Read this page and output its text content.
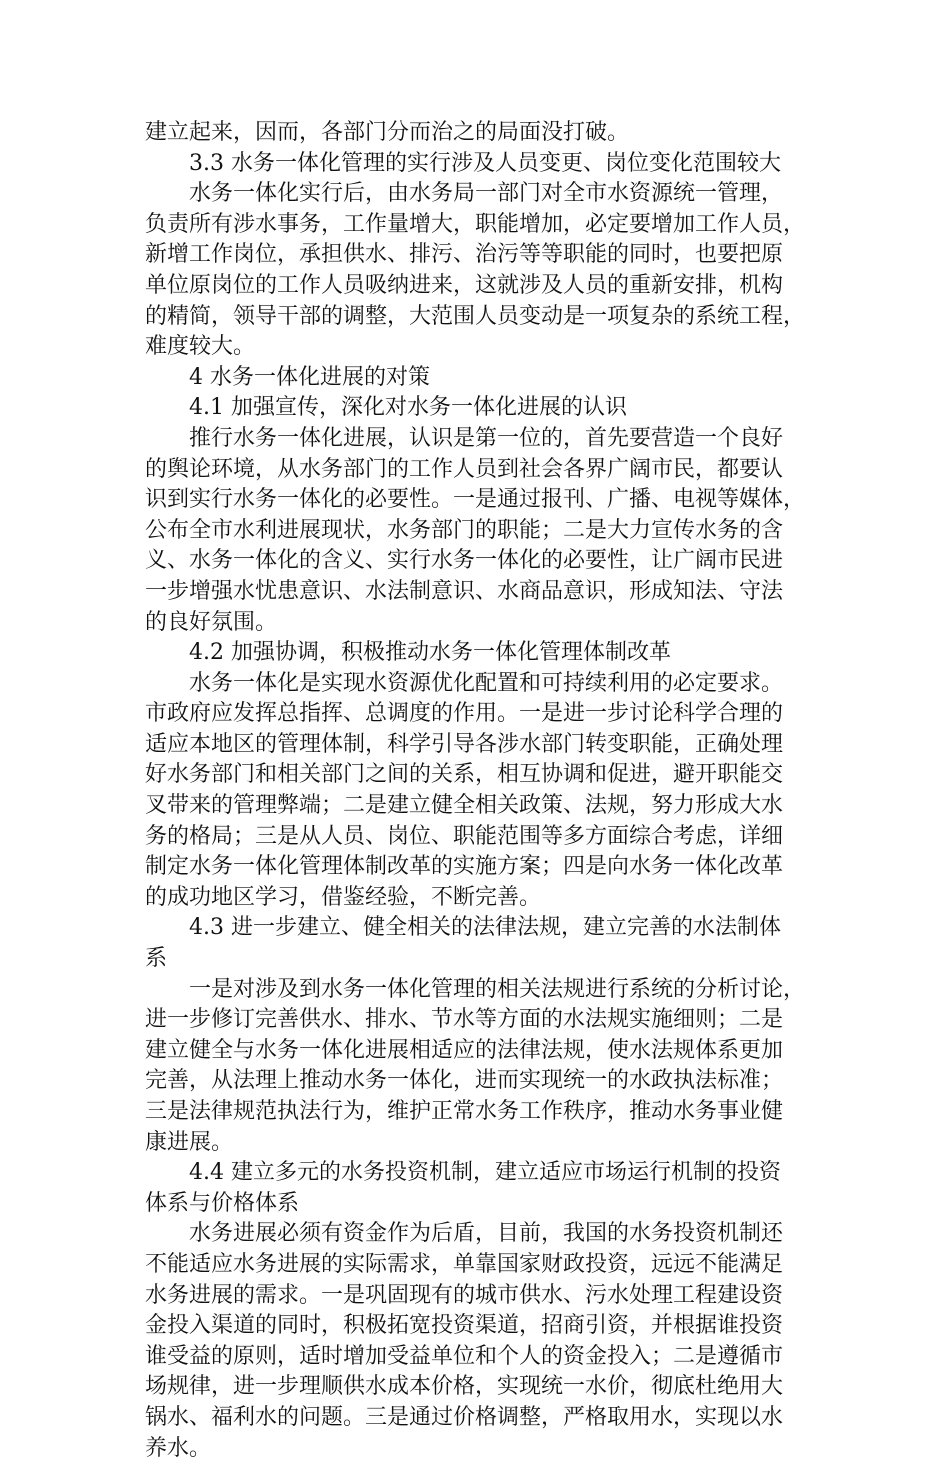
建立起来，因而，各部门分而治之的局面没打破。
3.3 水务一体化管理的实行涉及人员变更、岗位变化范围较大
水务一体化实行后，由水务局一部门对全市水资源统一管理，
负责所有涉水事务，工作量增大，职能增加，必定要增加工作人员，
新增工作岗位，承担供水、排污、治污等等职能的同时，也要把原
单位原岗位的工作人员吸纳进来，这就涉及人员的重新安排，机构
的精简，领导干部的调整，大范围人员变动是一项复杂的系统工程，
难度较大。
4 水务一体化进展的对策
4.1 加强宣传，深化对水务一体化进展的认识
推行水务一体化进展，认识是第一位的，首先要营造一个良好
的舆论环境，从水务部门的工作人员到社会各界广阔市民，都要认
识到实行水务一体化的必要性。一是通过报刊、广播、电视等媒体，
公布全市水利进展现状，水务部门的职能；二是大力宣传水务的含
义、水务一体化的含义、实行水务一体化的必要性，让广阔市民进
一步增强水忧患意识、水法制意识、水商品意识，形成知法、守法
的良好氛围。
4.2 加强协调，积极推动水务一体化管理体制改革
水务一体化是实现水资源优化配置和可持续利用的必定要求。
市政府应发挥总指挥、总调度的作用。一是进一步讨论科学合理的
适应本地区的管理体制，科学引导各涉水部门转变职能，正确处理
好水务部门和相关部门之间的关系，相互协调和促进，避开职能交
叉带来的管理弊端；二是建立健全相关政策、法规，努力形成大水
务的格局；三是从人员、岗位、职能范围等多方面综合考虑，详细
制定水务一体化管理体制改革的实施方案；四是向水务一体化改革
的成功地区学习，借鉴经验，不断完善。
4.3 进一步建立、健全相关的法律法规，建立完善的水法制体
系
一是对涉及到水务一体化管理的相关法规进行系统的分析讨论，
进一步修订完善供水、排水、节水等方面的水法规实施细则；二是
建立健全与水务一体化进展相适应的法律法规，使水法规体系更加
完善，从法理上推动水务一体化，进而实现统一的水政执法标准；
三是法律规范执法行为，维护正常水务工作秩序，推动水务事业健
康进展。
4.4 建立多元的水务投资机制，建立适应市场运行机制的投资
体系与价格体系
水务进展必须有资金作为后盾，目前，我国的水务投资机制还
不能适应水务进展的实际需求，单靠国家财政投资，远远不能满足
水务进展的需求。一是巩固现有的城市供水、污水处理工程建设资
金投入渠道的同时，积极拓宽投资渠道，招商引资，并根据谁投资
谁受益的原则，适时增加受益单位和个人的资金投入；二是遵循市
场规律，进一步理顺供水成本价格，实现统一水价，彻底杜绝用大
锅水、福利水的问题。三是通过价格调整，严格取用水，实现以水
养水。
